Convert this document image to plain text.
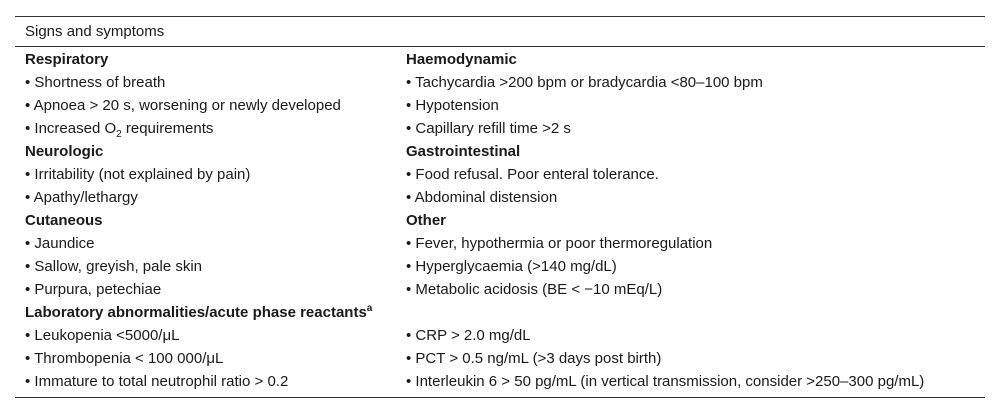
Signs and symptoms
Respiratory	Haemodynamic
• Shortness of breath	• Tachycardia >200 bpm or bradycardia <80–100 bpm
• Apnoea > 20 s, worsening or newly developed	• Hypotension
• Increased $O_2$ requirements	• Capillary refill time >2 s
Neurologic	Gastrointestinal
• Irritability (not explained by pain)	• Food refusal. Poor enteral tolerance.
• Apathy/lethargy	• Abdominal distension
Cutaneous	Other
• Jaundice	• Fever, hypothermia or poor thermoregulation
• Sallow, greyish, pale skin	• Hyperglycaemia (>140 mg/dL)
• Purpura, petechiae	• Metabolic acidosis (BE < −10 mEq/L)
Laboratory abnormalities/acute phase reactants$^a$
• Leukopenia <5000/μL	• CRP > 2.0 mg/dL
• Thrombopenia < 100 000/μL	• PCT > 0.5 ng/mL (>3 days post birth)
• Immature to total neutrophil ratio > 0.2	• Interleukin 6 > 50 pg/mL (in vertical transmission, consider >250–300 pg/mL)
